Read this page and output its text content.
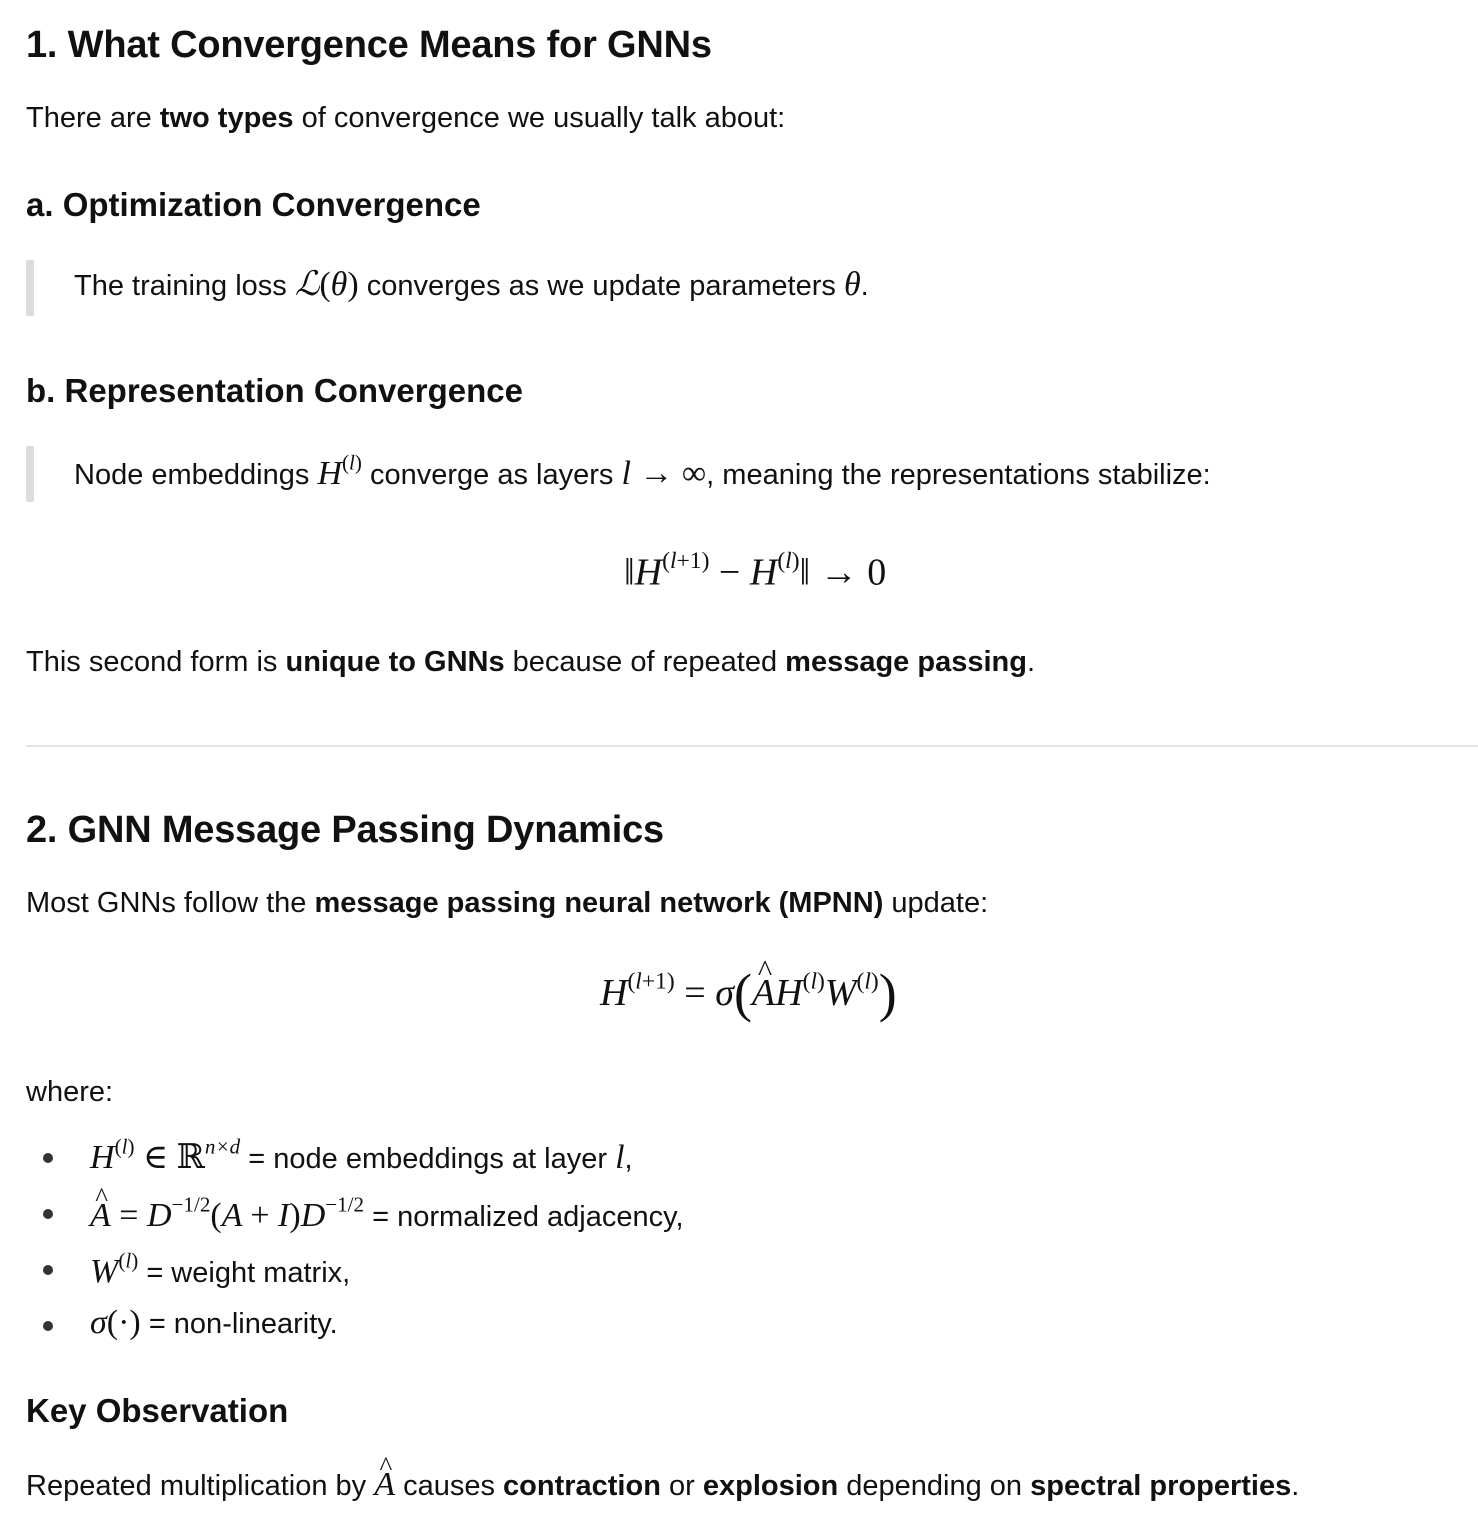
1. What Convergence Means for GNNs
There are two types of convergence we usually talk about:
a. Optimization Convergence
The training loss ℒ(θ) converges as we update parameters θ.
b. Representation Convergence
Node embeddings $H^{(l)}$ converge as layers l → ∞, meaning the representations stabilize:
$‖H^{(l+1)}$ − $H^{(l)}‖ \to 0$
This second form is unique to GNNs because of repeated message passing.
2. GNN Message Passing Dynamics
Most GNNs follow the message passing neural network (MPNN) update:
$H^{(l+1)}$ = σ(^ $AH^{(l)}W^{(l)}$)
where:
$H^{(l)}$ ∈ ℝ$^{n\times d}$ = node embeddings at layer l,
^ $A = D^{-1/2}(A + I)D^{-1/2}$ = normalized adjacency,
$W^{(l)}$ = weight matrix,
σ(·) = non-linearity.
Key Observation
Repeated multiplication by ^ A causes contraction or explosion depending on spectral properties.
